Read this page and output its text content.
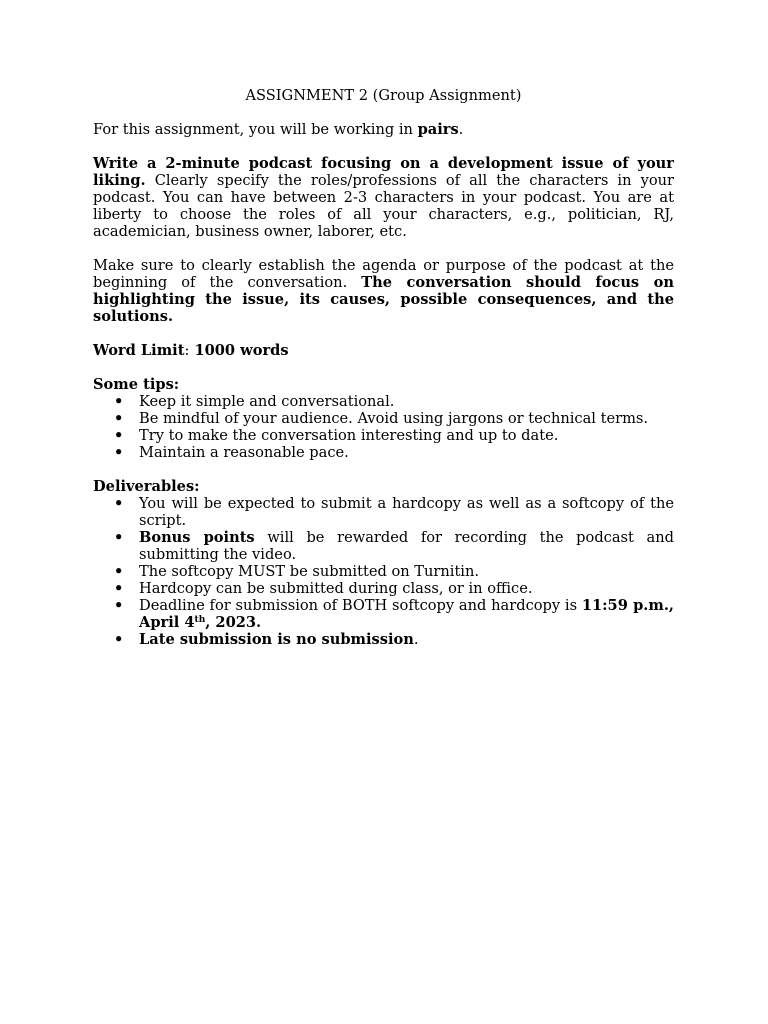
ASSIGNMENT 2 (Group Assignment)
For this assignment, you will be working in pairs.
Write a 2-minute podcast focusing on a development issue of your liking. Clearly specify the roles/professions of all the characters in your podcast. You can have between 2-3 characters in your podcast. You are at liberty to choose the roles of all your characters, e.g., politician, RJ, academician, business owner, laborer, etc.
Make sure to clearly establish the agenda or purpose of the podcast at the beginning of the conversation. The conversation should focus on highlighting the issue, its causes, possible consequences, and the solutions.
Word Limit: 1000 words
Some tips:
• Keep it simple and conversational.
• Be mindful of your audience. Avoid using jargons or technical terms.
• Try to make the conversation interesting and up to date.
• Maintain a reasonable pace.
Deliverables:
• You will be expected to submit a hardcopy as well as a softcopy of the script.
• Bonus points will be rewarded for recording the podcast and submitting the video.
• The softcopy MUST be submitted on Turnitin.
• Hardcopy can be submitted during class, or in office.
• Deadline for submission of BOTH softcopy and hardcopy is 11:59 p.m., April 4th, 2023.
• Late submission is no submission.
